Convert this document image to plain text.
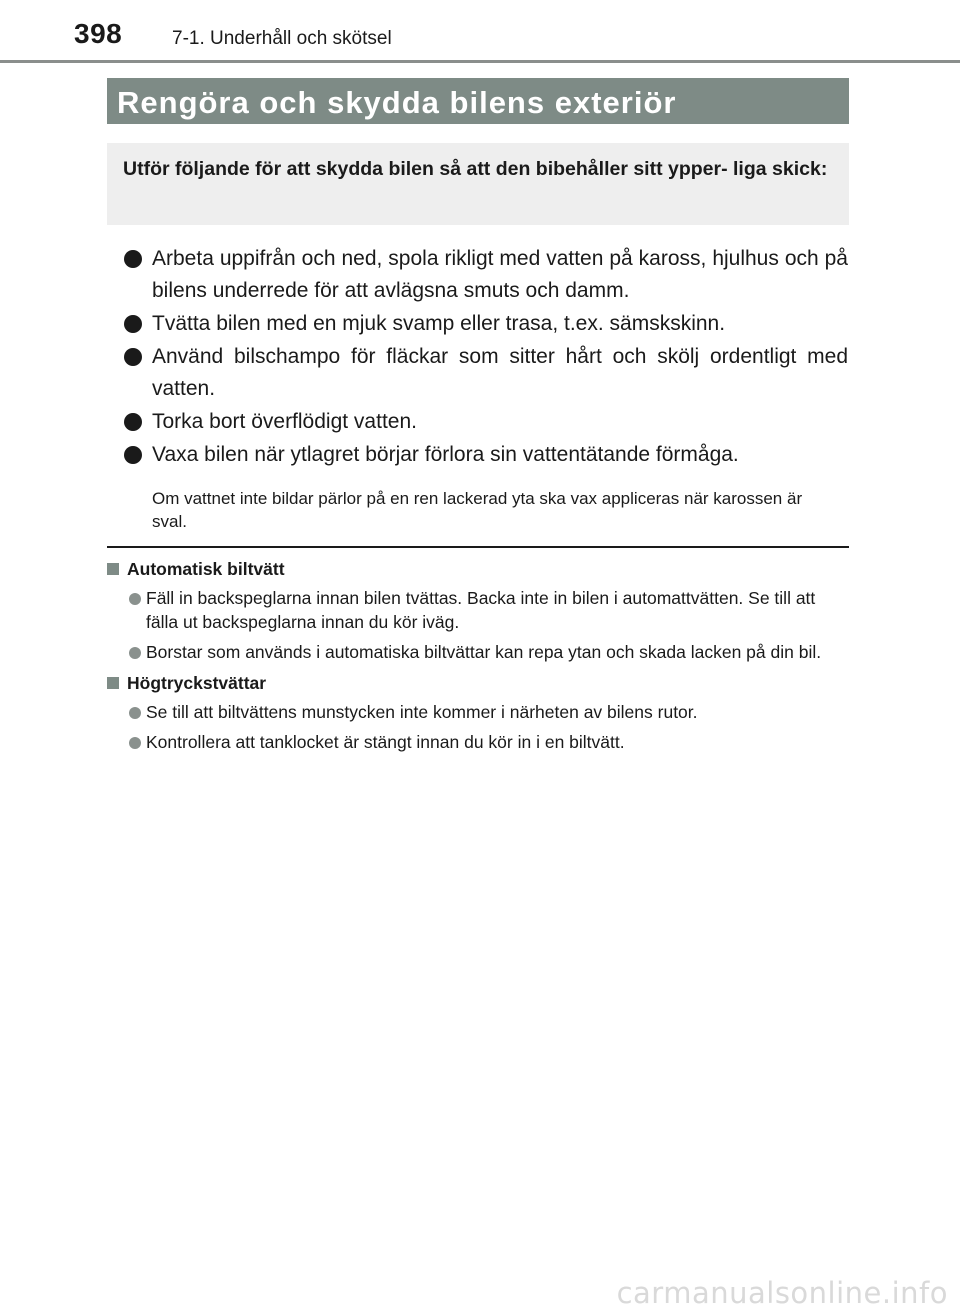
398	7-1. Underhåll och skötsel
Rengöra och skydda bilens exteriör
Utför följande för att skydda bilen så att den bibehåller sitt ypper- liga skick:
Arbeta uppifrån och ned, spola rikligt med vatten på kaross, hjulhus och på bilens underrede för att avlägsna smuts och damm.
Tvätta bilen med en mjuk svamp eller trasa, t.ex. sämskskinn.
Använd bilschampo för fläckar som sitter hårt och skölj ordentligt med vatten.
Torka bort överflödigt vatten.
Vaxa bilen när ytlagret börjar förlora sin vattentätande förmåga.
Om vattnet inte bildar pärlor på en ren lackerad yta ska vax appliceras när karossen är sval.
Automatisk biltvätt
Fäll in backspeglarna innan bilen tvättas. Backa inte in bilen i automattvätten. Se till att fälla ut backspeglarna innan du kör iväg.
Borstar som används i automatiska biltvättar kan repa ytan och skada lacken på din bil.
Högtryckstvättar
Se till att biltvättens munstycken inte kommer i närheten av bilens rutor.
Kontrollera att tanklocket är stängt innan du kör in i en biltvätt.
carmanualsonline.info
